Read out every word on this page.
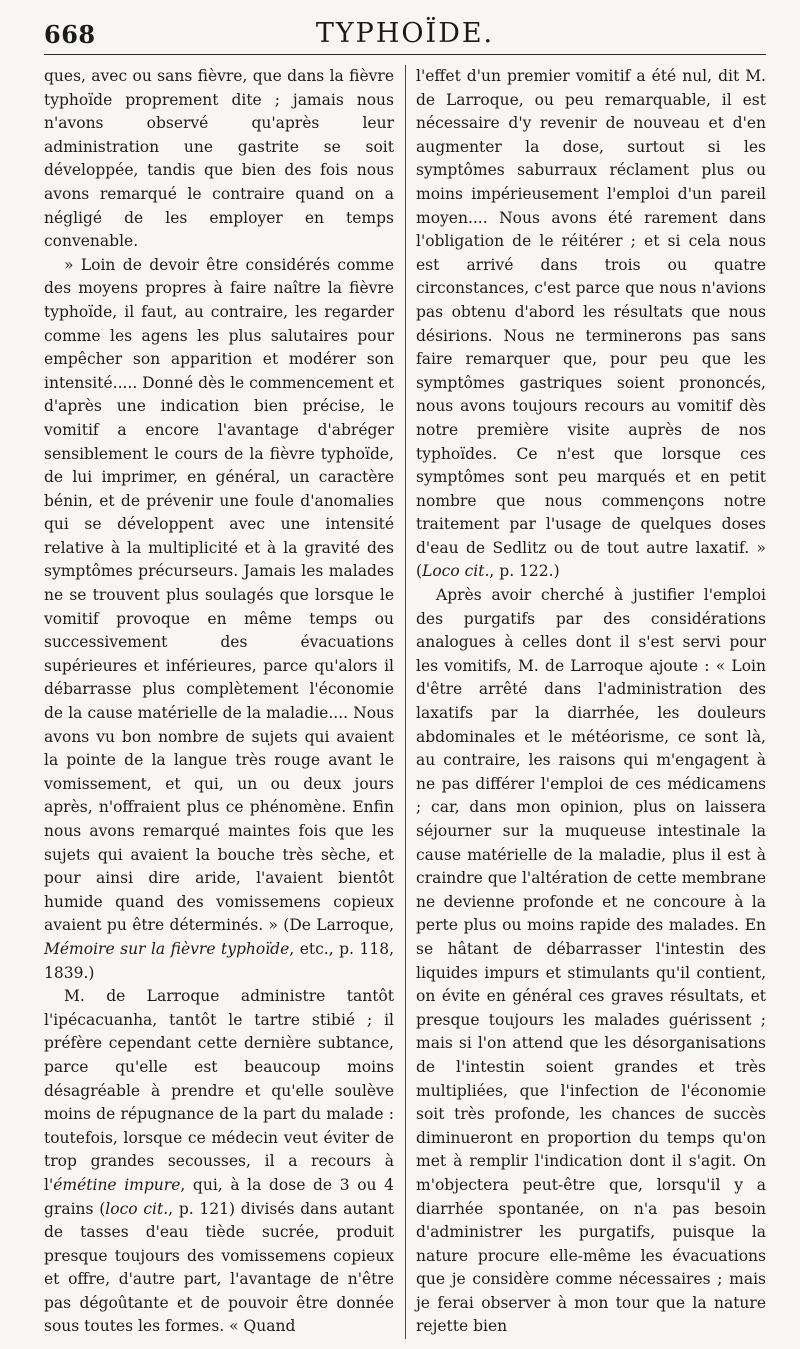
668	TYPHOÏDE.

ques, avec ou sans fièvre, que dans la fièvre typhoïde proprement dite ; jamais nous n'avons observé qu'après leur administration une gastrite se soit développée, tandis que bien des fois nous avons remarqué le contraire quand on a négligé de les employer en temps convenable.

» Loin de devoir être considérés comme des moyens propres à faire naître la fièvre typhoïde, il faut, au contraire, les regarder comme les agens les plus salutaires pour empêcher son apparition et modérer son intensité..... Donné dès le commencement et d'après une indication bien précise, le vomitif a encore l'avantage d'abréger sensiblement le cours de la fièvre typhoïde, de lui imprimer, en général, un caractère bénin, et de prévenir une foule d'anomalies qui se développent avec une intensité relative à la multiplicité et à la gravité des symptômes précurseurs. Jamais les malades ne se trouvent plus soulagés que lorsque le vomitif provoque en même temps ou successivement des évacuations supérieures et inférieures, parce qu'alors il débarrasse plus complètement l'économie de la cause matérielle de la maladie.... Nous avons vu bon nombre de sujets qui avaient la pointe de la langue très rouge avant le vomissement, et qui, un ou deux jours après, n'offraient plus ce phénomène. Enfin nous avons remarqué maintes fois que les sujets qui avaient la bouche très sèche, et pour ainsi dire aride, l'avaient bientôt humide quand des vomissemens copieux avaient pu être déterminés. » (De Larroque, Mémoire sur la fièvre typhoïde, etc., p. 118, 1839.)

M. de Larroque administre tantôt l'ipécacuanha, tantôt le tartre stibié ; il préfère cependant cette dernière subtance, parce qu'elle est beaucoup moins désagréable à prendre et qu'elle soulève moins de répugnance de la part du malade : toutefois, lorsque ce médecin veut éviter de trop grandes secousses, il a recours à l'émétine impure, qui, à la dose de 3 ou 4 grains (loco cit., p. 121) divisés dans autant de tasses d'eau tiède sucrée, produit presque toujours des vomissemens copieux et offre, d'autre part, l'avantage de n'être pas dégoûtante et de pouvoir être donnée sous toutes les formes. « Quand

l'effet d'un premier vomitif a été nul, dit M. de Larroque, ou peu remarquable, il est nécessaire d'y revenir de nouveau et d'en augmenter la dose, surtout si les symptômes saburraux réclament plus ou moins impérieusement l'emploi d'un pareil moyen.... Nous avons été rarement dans l'obligation de le réitérer ; et si cela nous est arrivé dans trois ou quatre circonstances, c'est parce que nous n'avions pas obtenu d'abord les résultats que nous désirions. Nous ne terminerons pas sans faire remarquer que, pour peu que les symptômes gastriques soient prononcés, nous avons toujours recours au vomitif dès notre première visite auprès de nos typhoïdes. Ce n'est que lorsque ces symptômes sont peu marqués et en petit nombre que nous commençons notre traitement par l'usage de quelques doses d'eau de Sedlitz ou de tout autre laxatif. » (Loco cit., p. 122.)

Après avoir cherché à justifier l'emploi des purgatifs par des considérations analogues à celles dont il s'est servi pour les vomitifs, M. de Larroque ajoute : « Loin d'être arrêté dans l'administration des laxatifs par la diarrhée, les douleurs abdominales et le météorisme, ce sont là, au contraire, les raisons qui m'engagent à ne pas différer l'emploi de ces médicamens ; car, dans mon opinion, plus on laissera séjourner sur la muqueuse intestinale la cause matérielle de la maladie, plus il est à craindre que l'altération de cette membrane ne devienne profonde et ne concoure à la perte plus ou moins rapide des malades. En se hâtant de débarrasser l'intestin des liquides impurs et stimulants qu'il contient, on évite en général ces graves résultats, et presque toujours les malades guérissent ; mais si l'on attend que les désorganisations de l'intestin soient grandes et très multipliées, que l'infection de l'économie soit très profonde, les chances de succès diminueront en proportion du temps qu'on met à remplir l'indication dont il s'agit. On m'objectera peut-être que, lorsqu'il y a diarrhée spontanée, on n'a pas besoin d'administrer les purgatifs, puisque la nature procure elle-même les évacuations que je considère comme nécessaires ; mais je ferai observer à mon tour que la nature rejette bien
